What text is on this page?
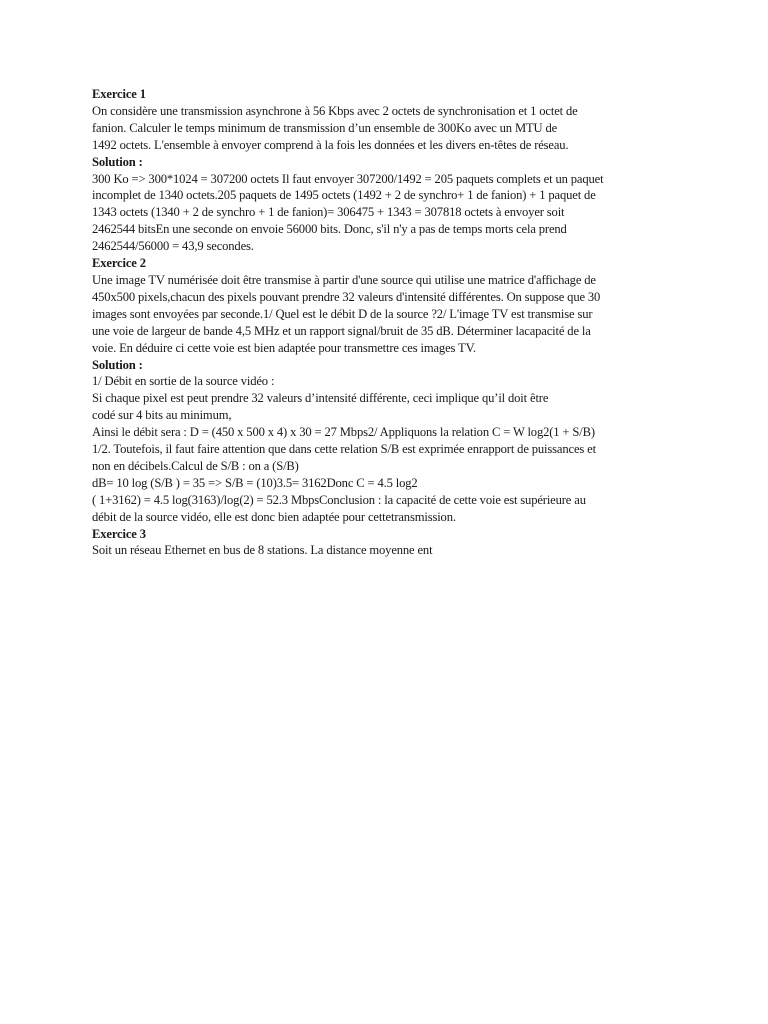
Exercice 1
On considère une transmission asynchrone à 56 Kbps avec 2 octets de synchronisation et 1 octet de
fanion. Calculer le temps minimum de transmission d’un ensemble de 300Ko avec un MTU de
1492 octets. L'ensemble à envoyer comprend à la fois les données et les divers en-têtes de réseau.
Solution :
300 Ko => 300*1024 = 307200 octets Il faut envoyer 307200/1492 = 205 paquets complets et un paquet
incomplet de 1340 octets.205 paquets de 1495 octets (1492 + 2 de synchro+ 1 de fanion) + 1 paquet de
1343 octets (1340 + 2 de synchro + 1 de fanion)= 306475 + 1343 = 307818 octets à envoyer soit
2462544 bitsEn une seconde on envoie 56000 bits. Donc, s'il n'y a pas de temps morts cela prend
2462544/56000 = 43,9 secondes.
Exercice 2
Une image TV numérisée doit être transmise à partir d'une source qui utilise une matrice d'affichage de
450x500 pixels,chacun des pixels pouvant prendre 32 valeurs d'intensité différentes. On suppose que 30
images sont envoyées par seconde.1/ Quel est le débit D de la source ?2/ L'image TV est transmise sur
une voie de largeur de bande 4,5 MHz et un rapport signal/bruit de 35 dB. Déterminer lacapacité de la
voie. En déduire ci cette voie est bien adaptée pour transmettre ces images TV.
Solution :
1/ Débit en sortie de la source vidéo :
Si chaque pixel est peut prendre 32 valeurs d’intensité différente, ceci implique qu’il doit être
codé sur 4 bits au minimum,
Ainsi le débit sera : D = (450 x 500 x 4) x 30 = 27 Mbps2/ Appliquons la relation C = W log2(1 + S/B)
1/2. Toutefois, il faut faire attention que dans cette relation S/B est exprimée enrapport de puissances et
non en décibels.Calcul de S/B : on a (S/B)
dB= 10 log (S/B ) = 35 => S/B = (10)3.5= 3162Donc C = 4.5 log2
( 1+3162) = 4.5 log(3163)/log(2) = 52.3 MbpsConclusion : la capacité de cette voie est supérieure au
débit de la source vidéo, elle est donc bien adaptée pour cettetransmission.
Exercice 3
Soit un réseau Ethernet en bus de 8 stations. La distance moyenne ent
